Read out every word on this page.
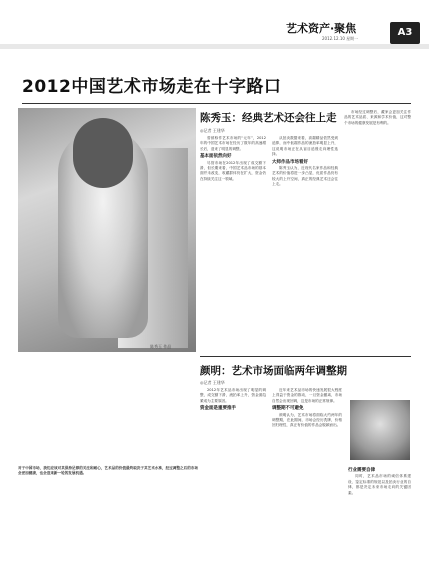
艺术资产·聚焦
2012.12.10 星期一
A3
2012中国艺术市场走在十字路口
陈秀玉 作品
陈秀玉：经典艺术还会往上走
◎记者 王建华

曾被称作艺术市场的“元年”，2012年的中国艺术市场在经历了数年的高速增长后，迎来了明显的调整。

基本面依然向好

尽管市场在2012年出现了成交额下滑，但长期来看，中国艺术品市场的基本面并未改变，收藏群体仍在扩大，资金仍在持续关注这一领域。

从拍卖数据来看，高端精品依然受到追捧，而中低端作品的流拍率明显上升，这说明市场正在从盲目追涨走向理性选择。

大师作品市场看好

陈秀玉认为，近现代名家作品和经典艺术的价值将进一步凸显，优质作品仍有较大的上升空间，真正的经典艺术还会往上走。

市场经过调整后，藏家会更加关注作品的艺术品质、来源和学术价值，这对整个市场的健康发展是有利的。

颜明：艺术市场面临两年调整期
◎记者 王建华

2012年艺术品市场出现了明显的调整，成交额下滑，流拍率上升，资金面趋紧成为主要原因。

资金面是重要推手

近年来艺术品市场的快速发展很大程度上得益于资金的推动，一旦资金撤离，市场自然会出现回调，这是市场的正常规律。

调整期不可避免

颜明认为，艺术市场将面临大约两年的调整期，在此期间，市场会经历洗牌，价格回归理性，真正有价值的作品会脱颖而出。

行业需要自律

同时，艺术品市场的诚信体系建设、鉴定标准的规范以及拍卖行业的自律，都是决定未来市场走向的关键因素。

对于中国市场，我们应该对其保持足够的关注和耐心，艺术品的价值最终取决于其艺术水准，经过调整之后的市场会更加健康，也会迎来新一轮的发展机遇。
